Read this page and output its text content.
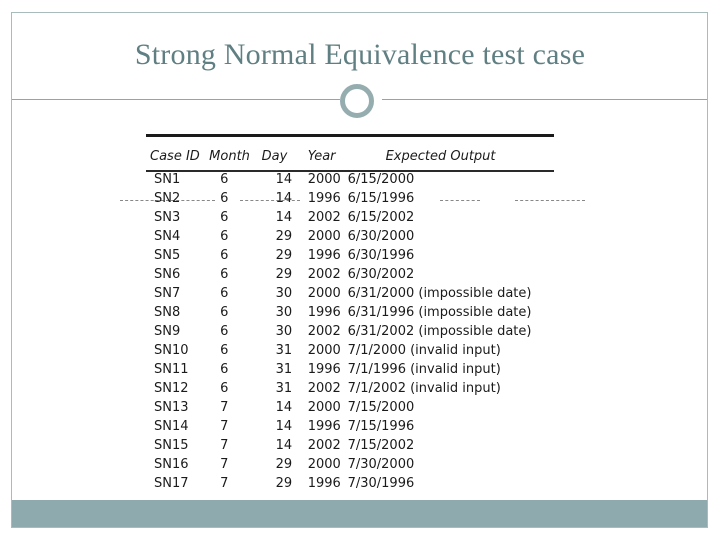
Strong Normal Equivalence test case
Case ID	Month	Day	Year	Expected Output
SN1	6	14	2000	6/15/2000
SN2	6	14	1996	6/15/1996
SN3	6	14	2002	6/15/2002
SN4	6	29	2000	6/30/2000
SN5	6	29	1996	6/30/1996
SN6	6	29	2002	6/30/2002
SN7	6	30	2000	6/31/2000 (impossible date)
SN8	6	30	1996	6/31/1996 (impossible date)
SN9	6	30	2002	6/31/2002 (impossible date)
SN10	6	31	2000	7/1/2000 (invalid input)
SN11	6	31	1996	7/1/1996 (invalid input)
SN12	6	31	2002	7/1/2002 (invalid input)
SN13	7	14	2000	7/15/2000
SN14	7	14	1996	7/15/1996
SN15	7	14	2002	7/15/2002
SN16	7	29	2000	7/30/2000
SN17	7	29	1996	7/30/1996
